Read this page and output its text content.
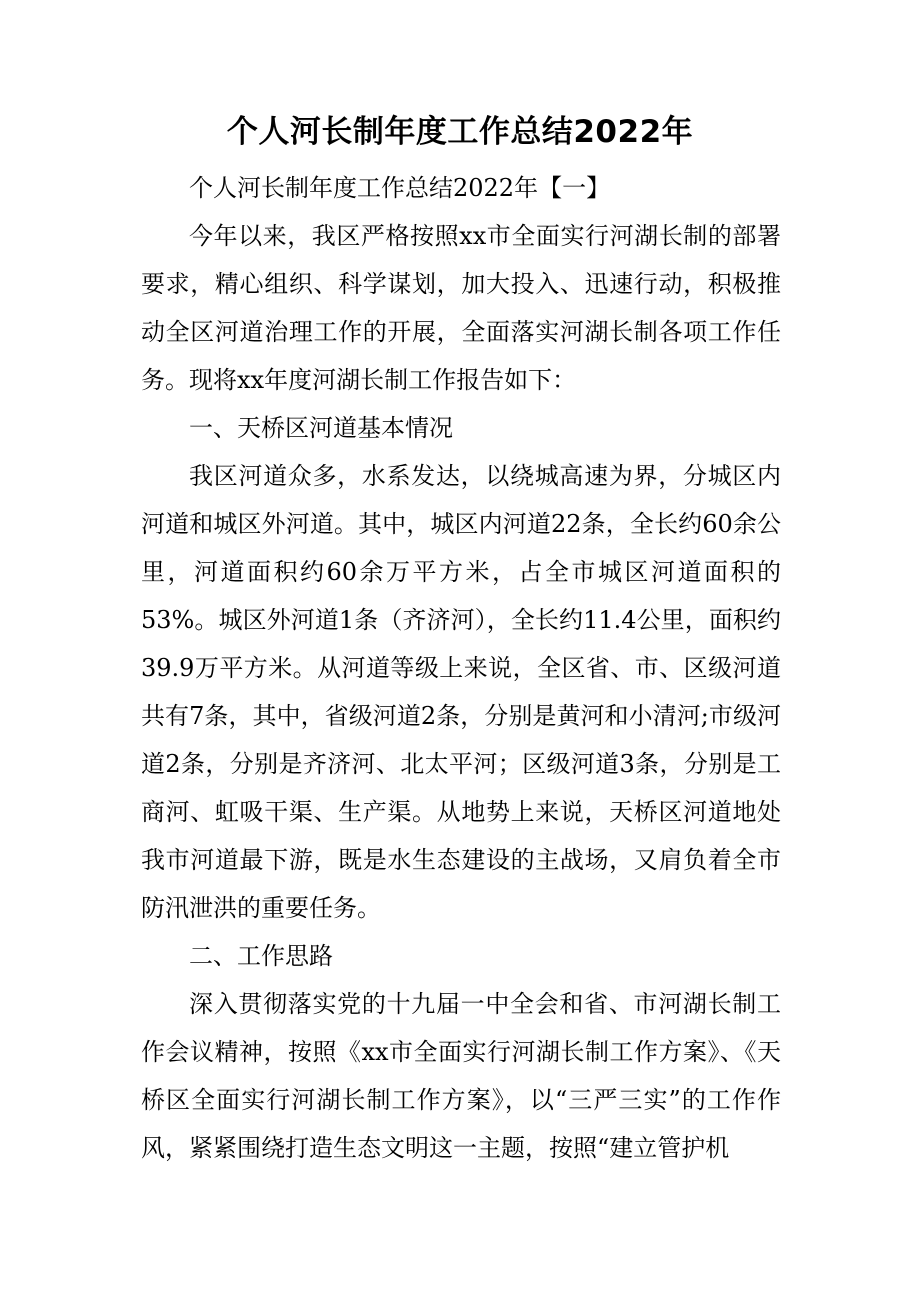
个人河长制年度工作总结2022年

个人河长制年度工作总结2022年【一】

今年以来，我区严格按照xx市全面实行河湖长制的部署要求，精心组织、科学谋划，加大投入、迅速行动，积极推动全区河道治理工作的开展，全面落实河湖长制各项工作任务。现将xx年度河湖长制工作报告如下：

一、天桥区河道基本情况

我区河道众多，水系发达，以绕城高速为界，分城区内河道和城区外河道。其中，城区内河道22条，全长约60余公里，河道面积约60余万平方米，占全市城区河道面积的53%。城区外河道1条（齐济河），全长约11.4公里，面积约39.9万平方米。从河道等级上来说，全区省、市、区级河道共有7条，其中，省级河道2条，分别是黄河和小清河;市级河道2条，分别是齐济河、北太平河；区级河道3条，分别是工商河、虹吸干渠、生产渠。从地势上来说，天桥区河道地处我市河道最下游，既是水生态建设的主战场，又肩负着全市防汛泄洪的重要任务。

二、工作思路

深入贯彻落实党的十九届一中全会和省、市河湖长制工作会议精神，按照《xx市全面实行河湖长制工作方案》、《天桥区全面实行河湖长制工作方案》，以“三严三实”的工作作风，紧紧围绕打造生态文明这一主题，按照“建立管护机
